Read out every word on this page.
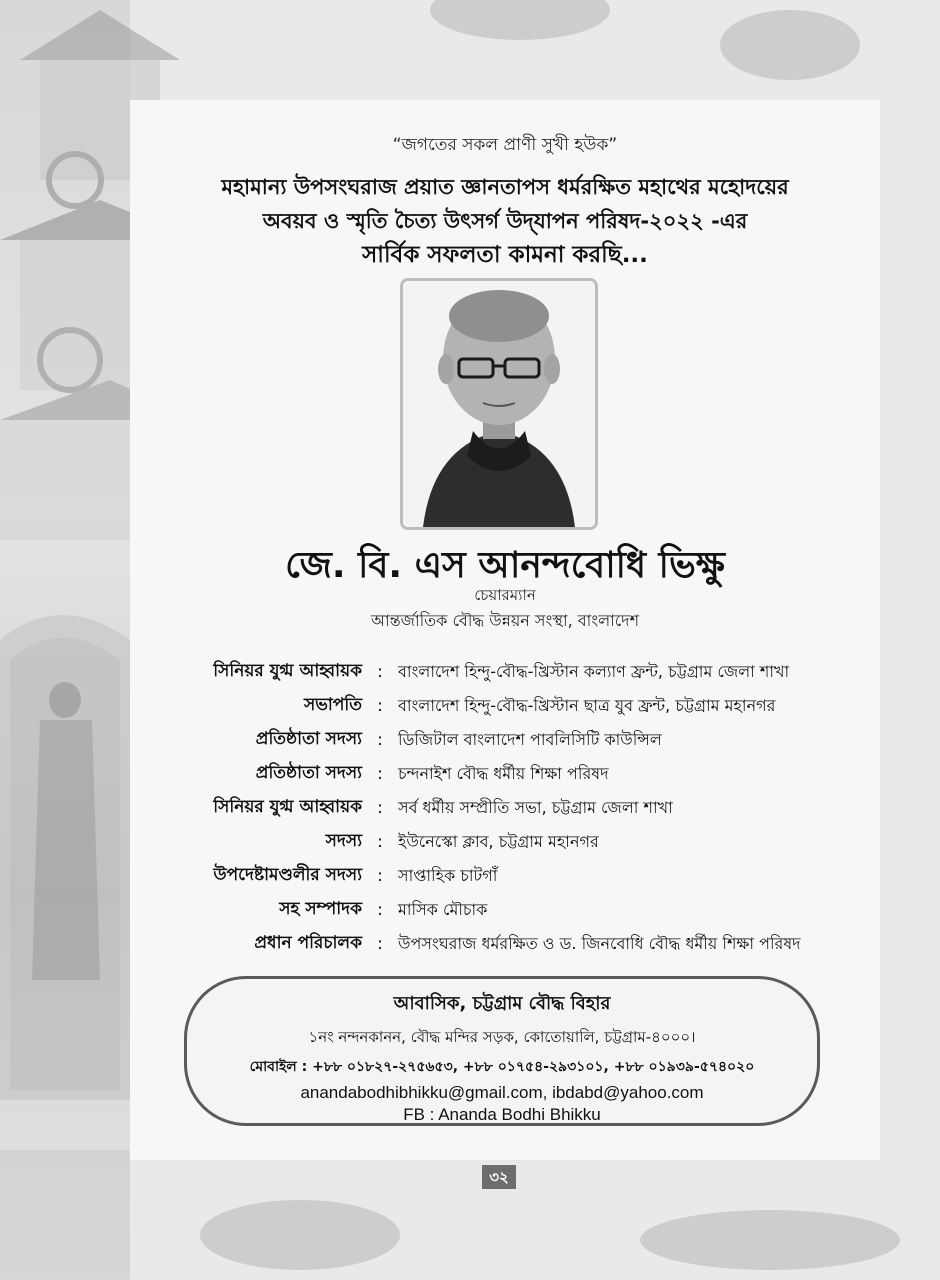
“জগতের সকল প্রাণী সুখী হউক”
মহামান্য উপসংঘরাজ প্রয়াত জ্ঞানতাপস ধর্মরক্ষিত মহাথের মহোদয়ের
অবয়ব ও স্মৃতি চৈত্য উৎসর্গ উদ্‌যাপন পরিষদ-২০২২ -এর
সার্বিক সফলতা কামনা করছি...
জে. বি. এস আনন্দবোধি ভিক্ষু
চেয়ারম্যান
আন্তর্জাতিক বৌদ্ধ উন্নয়ন সংস্থা, বাংলাদেশ
সিনিয়র যুগ্ম আহ্বায়ক : বাংলাদেশ হিন্দু-বৌদ্ধ-খ্রিস্টান কল্যাণ ফ্রন্ট, চট্টগ্রাম জেলা শাখা
সভাপতি : বাংলাদেশ হিন্দু-বৌদ্ধ-খ্রিস্টান ছাত্র যুব ফ্রন্ট, চট্টগ্রাম মহানগর
প্রতিষ্ঠাতা সদস্য : ডিজিটাল বাংলাদেশ পাবলিসিটি কাউন্সিল
প্রতিষ্ঠাতা সদস্য : চন্দনাইশ বৌদ্ধ ধর্মীয় শিক্ষা পরিষদ
সিনিয়র যুগ্ম আহ্বায়ক : সর্ব ধর্মীয় সম্প্রীতি সভা, চট্টগ্রাম জেলা শাখা
সদস্য : ইউনেস্কো ক্লাব, চট্টগ্রাম মহানগর
উপদেষ্টামণ্ডলীর সদস্য : সাপ্তাহিক চাটগাঁ
সহ সম্পাদক : মাসিক মৌচাক
প্রধান পরিচালক : উপসংঘরাজ ধর্মরক্ষিত ও ড. জিনবোধি বৌদ্ধ ধর্মীয় শিক্ষা পরিষদ
আবাসিক, চট্টগ্রাম বৌদ্ধ বিহার
১নং নন্দনকানন, বৌদ্ধ মন্দির সড়ক, কোতোয়ালি, চট্টগ্রাম-৪০০০।
মোবাইল : +৮৮ ০১৮২৭-২৭৫৬৫৩, +৮৮ ০১৭৫৪-২৯৩১০১, +৮৮ ০১৯৩৯-৫৭৪০২০
anandabodhibhikku@gmail.com, ibdabd@yahoo.com
FB : Ananda Bodhi Bhikku
৩২
